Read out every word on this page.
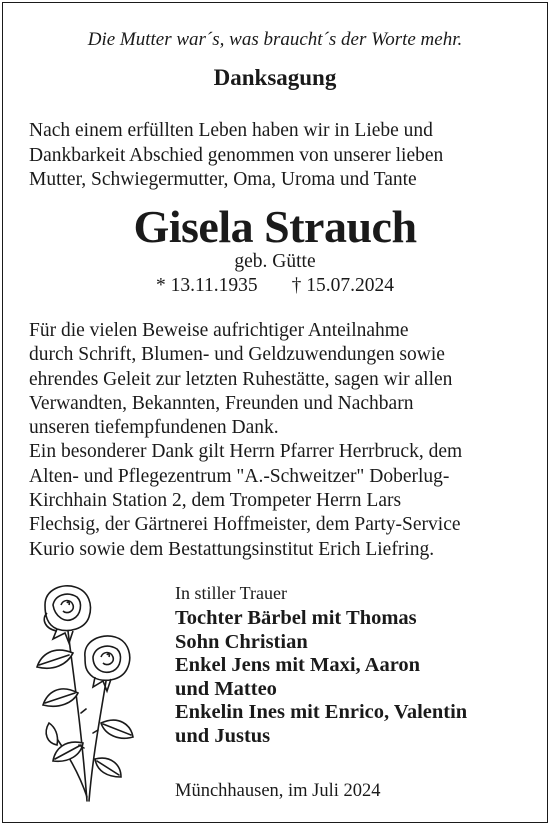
Die Mutter war´s, was braucht´s der Worte mehr.
Danksagung

Nach einem erfüllten Leben haben wir in Liebe und
Dankbarkeit Abschied genommen von unserer lieben
Mutter, Schwiegermutter, Oma, Uroma und Tante

Gisela Strauch
geb. Gütte
* 13.11.1935 † 15.07.2024

Für die vielen Beweise aufrichtiger Anteilnahme
durch Schrift, Blumen- und Geldzuwendungen sowie
ehrendes Geleit zur letzten Ruhestätte, sagen wir allen
Verwandten, Bekannten, Freunden und Nachbarn
unseren tiefempfundenen Dank.
Ein besonderer Dank gilt Herrn Pfarrer Herrbruck, dem
Alten- und Pflegezentrum "A.-Schweitzer" Doberlug-
Kirchhain Station 2, dem Trompeter Herrn Lars
Flechsig, der Gärtnerei Hoffmeister, dem Party-Service
Kurio sowie dem Bestattungsinstitut Erich Liefring.

In stiller Trauer
Tochter Bärbel mit Thomas
Sohn Christian
Enkel Jens mit Maxi, Aaron
und Matteo
Enkelin Ines mit Enrico, Valentin
und Justus
Münchhausen, im Juli 2024
